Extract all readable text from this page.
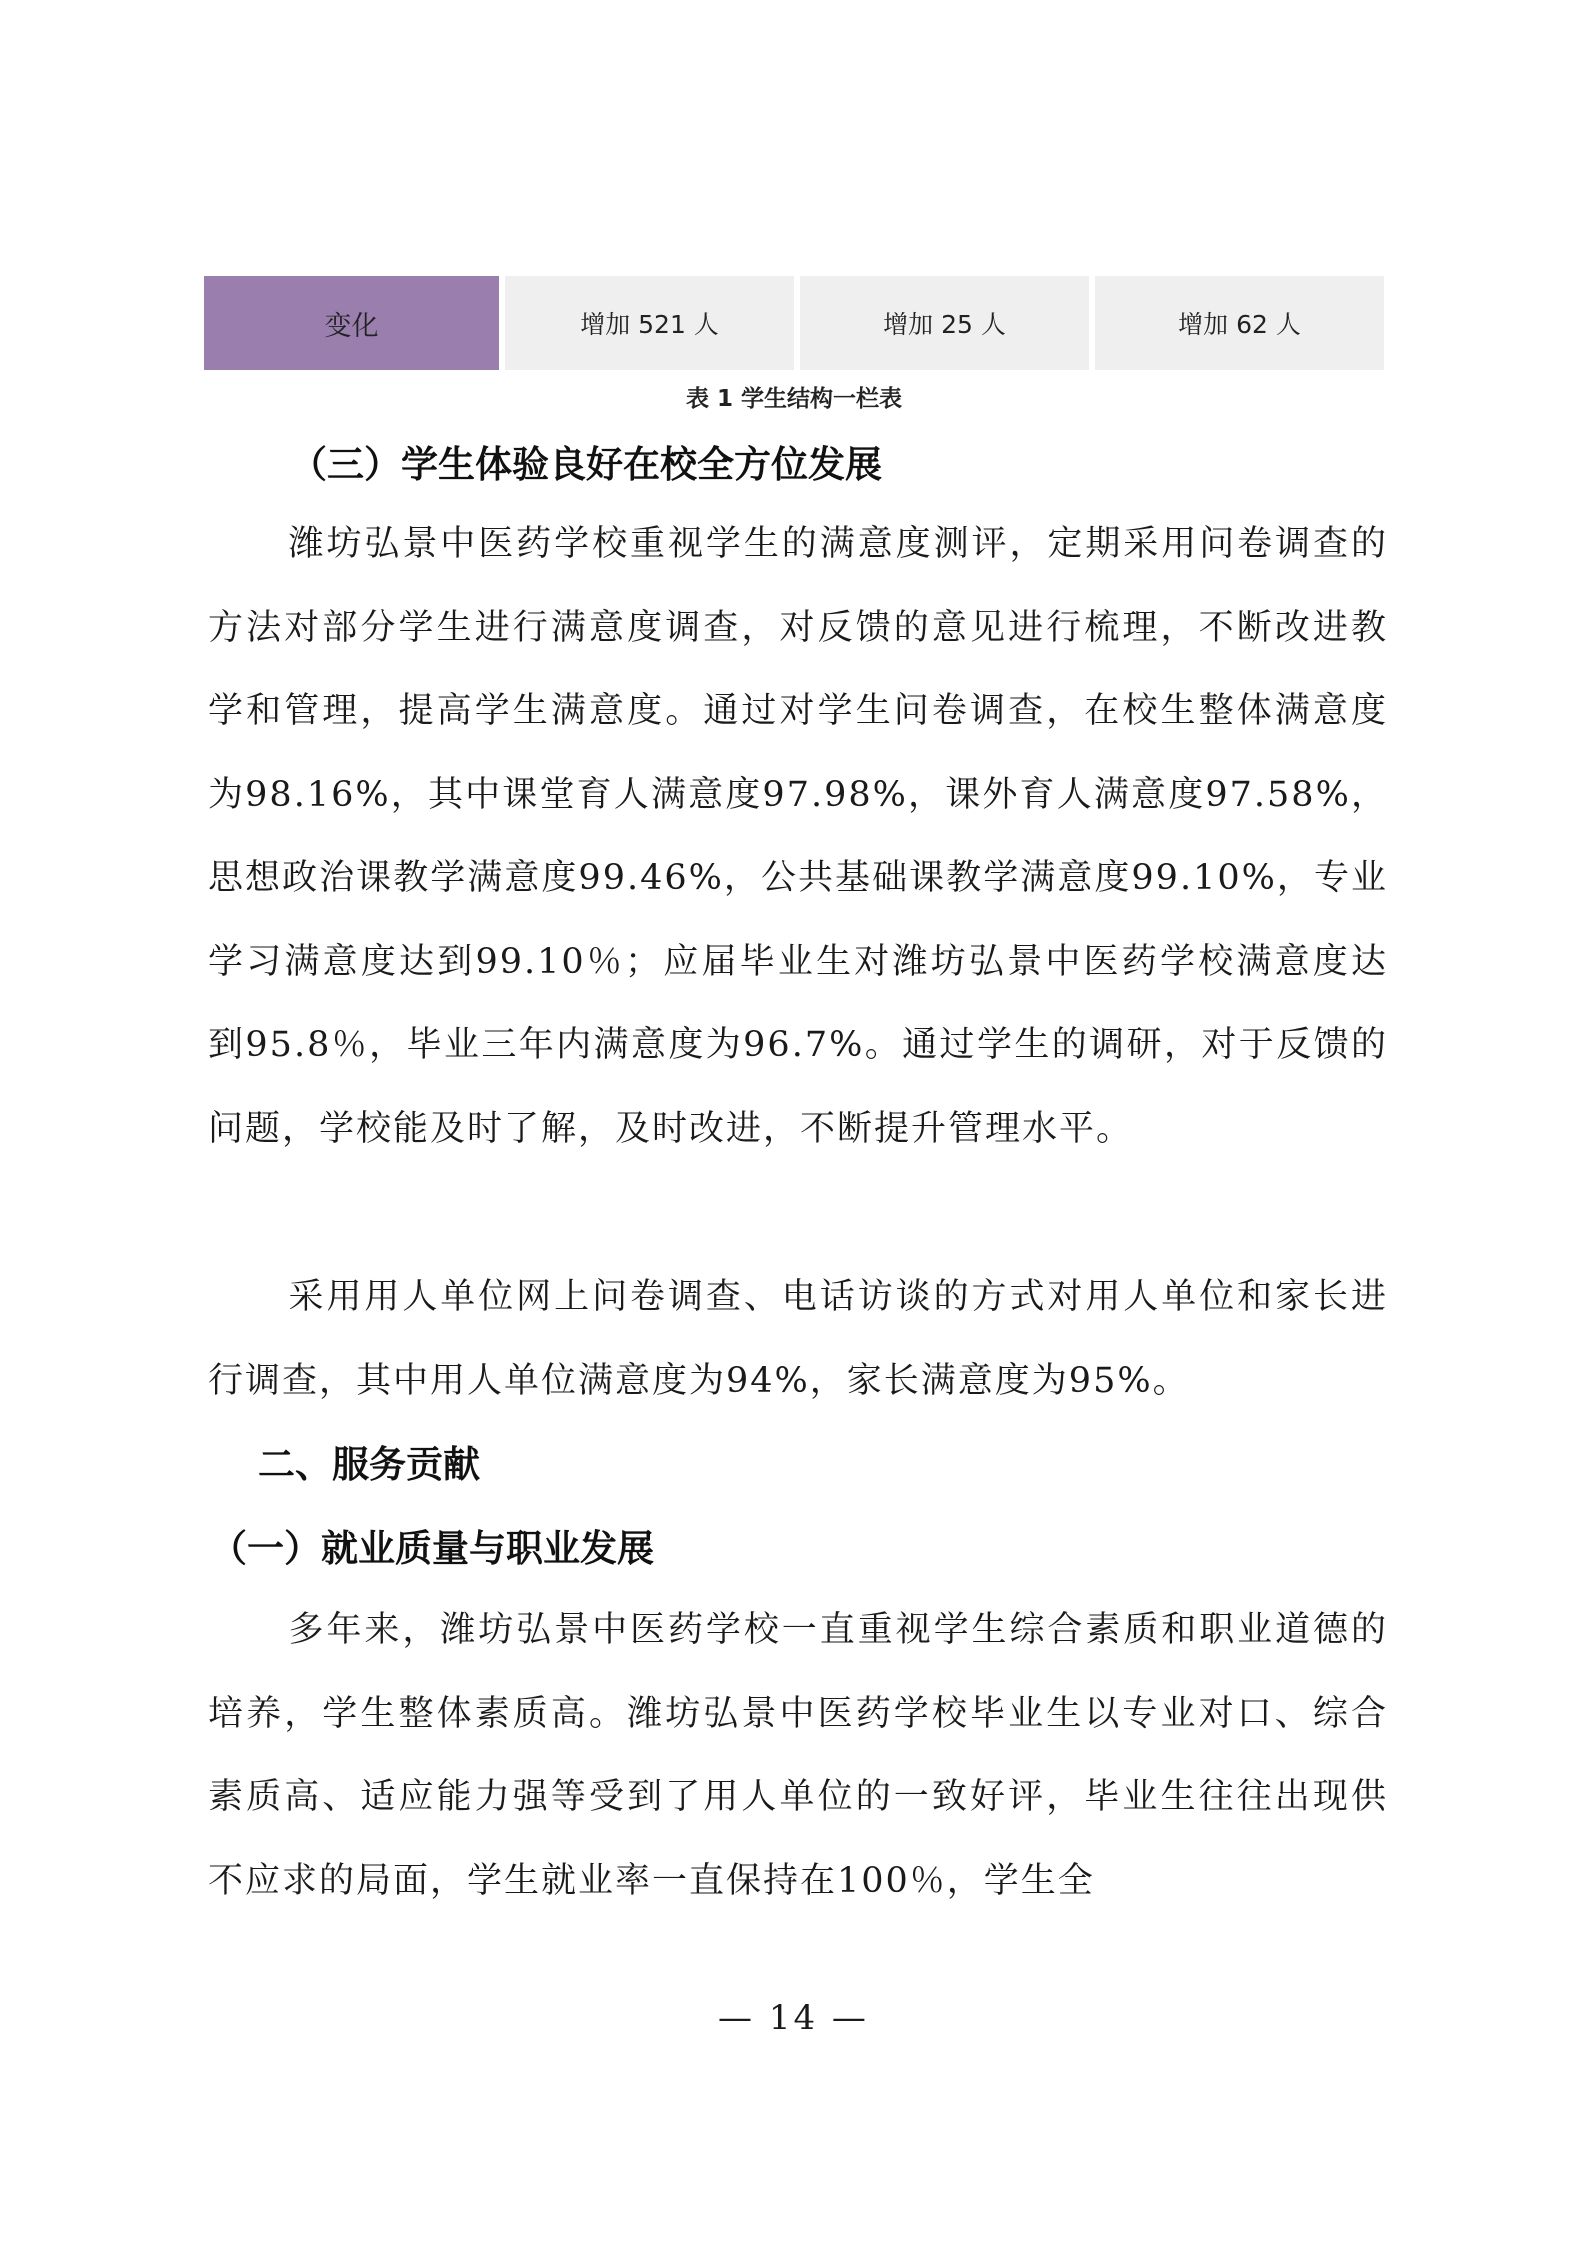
变化	增加 521 人	增加 25 人	增加 62 人
表 1 学生结构一栏表
（三）学生体验良好在校全方位发展

潍坊弘景中医药学校重视学生的满意度测评，定期采用问卷调查的方法对部分学生进行满意度调查，对反馈的意见进行梳理，不断改进教学和管理，提高学生满意度。通过对学生问卷调查，在校生整体满意度为98.16%，其中课堂育人满意度97.98%，课外育人满意度97.58%，思想政治课教学满意度99.46%，公共基础课教学满意度99.10%，专业学习满意度达到99.10％；应届毕业生对潍坊弘景中医药学校满意度达到95.8％，毕业三年内满意度为96.7%。通过学生的调研，对于反馈的问题，学校能及时了解，及时改进，不断提升管理水平。

采用用人单位网上问卷调查、电话访谈的方式对用人单位和家长进行调查，其中用人单位满意度为94%，家长满意度为95%。

二、服务贡献
（一）就业质量与职业发展

多年来，潍坊弘景中医药学校一直重视学生综合素质和职业道德的培养，学生整体素质高。潍坊弘景中医药学校毕业生以专业对口、综合素质高、适应能力强等受到了用人单位的一致好评，毕业生往往出现供不应求的局面，学生就业率一直保持在100％，学生全

— 14 —
